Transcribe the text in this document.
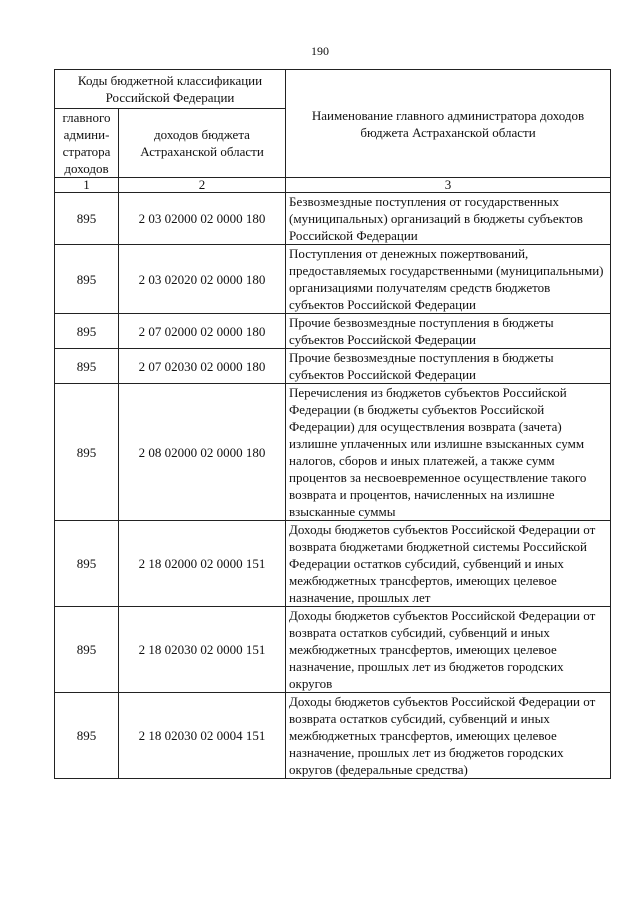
190
Коды бюджетной классификации Российской Федерации		Наименование главного администратора доходов бюджета Астраханской области
главного админи-стратора доходов	доходов бюджета Астраханской области	
1	2	3
895	2 03 02000 02 0000 180	Безвозмездные поступления от государственных (муниципальных) организаций в бюджеты субъектов Российской Федерации
895	2 03 02020 02 0000 180	Поступления от денежных пожертвований, предоставляемых государственными (муниципальными) организациями получателям средств бюджетов субъектов Российской Федерации
895	2 07 02000 02 0000 180	Прочие безвозмездные поступления в бюджеты субъектов Российской Федерации
895	2 07 02030 02 0000 180	Прочие безвозмездные поступления в бюджеты субъектов Российской Федерации
895	2 08 02000 02 0000 180	Перечисления из бюджетов субъектов Российской Федерации (в бюджеты субъектов Российской Федерации) для осуществления возврата (зачета) излишне уплаченных или излишне взысканных сумм налогов, сборов и иных платежей, а также сумм процентов за несвоевременное осуществление такого возврата и процентов, начисленных на излишне взысканные суммы
895	2 18 02000 02 0000 151	Доходы бюджетов субъектов Российской Федерации от возврата бюджетами бюджетной системы Российской Федерации остатков субсидий, субвенций и иных межбюджетных трансфертов, имеющих целевое назначение, прошлых лет
895	2 18 02030 02 0000 151	Доходы бюджетов субъектов Российской Федерации от возврата остатков субсидий, субвенций и иных межбюджетных трансфертов, имеющих целевое назначение, прошлых лет из бюджетов городских округов
895	2 18 02030 02 0004 151	Доходы бюджетов субъектов Российской Федерации от возврата остатков субсидий, субвенций и иных межбюджетных трансфертов, имеющих целевое назначение, прошлых лет из бюджетов городских округов (федеральные средства)
